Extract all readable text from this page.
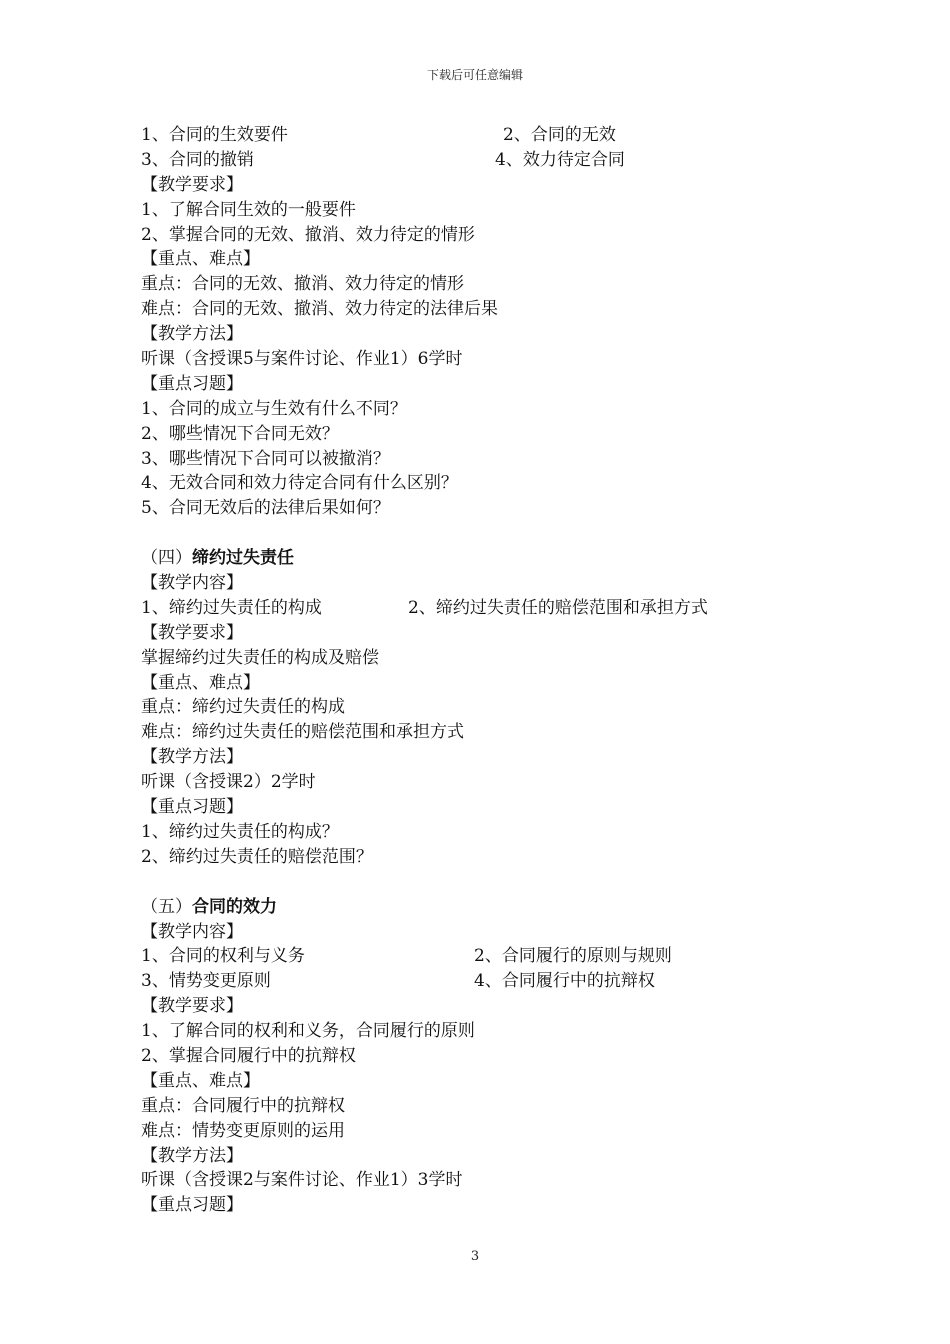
下载后可任意编辑
1、合同的生效要件	2、合同的无效
3、合同的撤销	4、效力待定合同
【教学要求】
1、了解合同生效的一般要件
2、掌握合同的无效、撤消、效力待定的情形
【重点、难点】
重点：合同的无效、撤消、效力待定的情形
难点：合同的无效、撤消、效力待定的法律后果
【教学方法】
听课（含授课5与案件讨论、作业1）6学时
【重点习题】
1、合同的成立与生效有什么不同？
2、哪些情况下合同无效？
3、哪些情况下合同可以被撤消？
4、无效合同和效力待定合同有什么区别？
5、合同无效后的法律后果如何？
（四）缔约过失责任
【教学内容】
1、缔约过失责任的构成	2、缔约过失责任的赔偿范围和承担方式
【教学要求】
掌握缔约过失责任的构成及赔偿
【重点、难点】
重点：缔约过失责任的构成
难点：缔约过失责任的赔偿范围和承担方式
【教学方法】
听课（含授课2）2学时
【重点习题】
1、缔约过失责任的构成？
2、缔约过失责任的赔偿范围？
（五）合同的效力
【教学内容】
1、合同的权利与义务	2、合同履行的原则与规则
3、情势变更原则	4、合同履行中的抗辩权
【教学要求】
1、了解合同的权利和义务，合同履行的原则
2、掌握合同履行中的抗辩权
【重点、难点】
重点：合同履行中的抗辩权
难点：情势变更原则的运用
【教学方法】
听课（含授课2与案件讨论、作业1）3学时
【重点习题】
3
